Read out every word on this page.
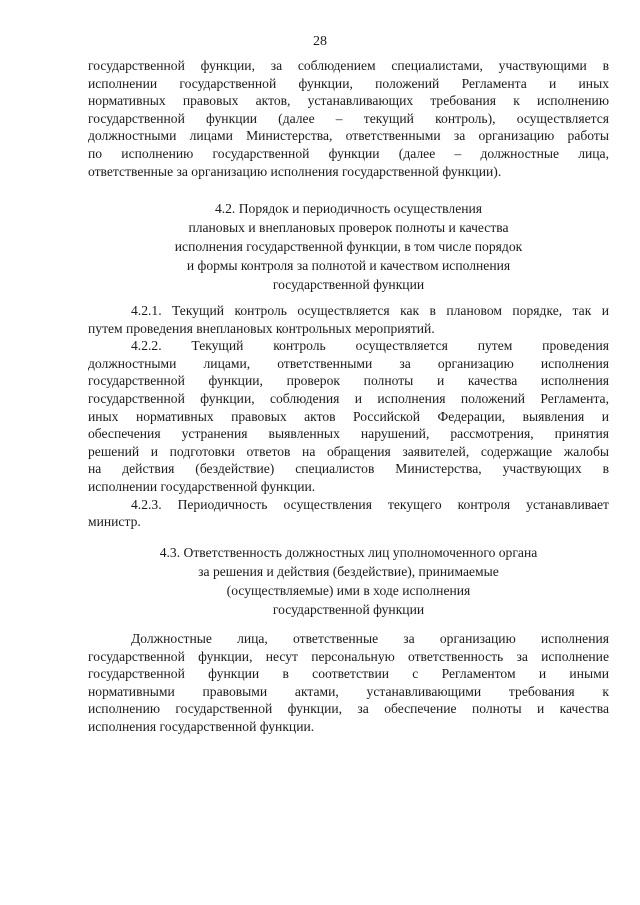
28
государственной функции, за соблюдением специалистами, участвующими в
исполнении государственной функции, положений Регламента и иных
нормативных правовых актов, устанавливающих требования к исполнению
государственной функции (далее – текущий контроль), осуществляется
должностными лицами Министерства, ответственными за организацию работы
по исполнению государственной функции (далее – должностные лица,
ответственные за организацию исполнения государственной функции).
4.2. Порядок и периодичность осуществления
плановых и внеплановых проверок полноты и качества
исполнения государственной функции, в том числе порядок
и формы контроля за полнотой и качеством исполнения
государственной функции
4.2.1. Текущий контроль осуществляется как в плановом порядке, так и
путем проведения внеплановых контрольных мероприятий.
4.2.2. Текущий контроль осуществляется путем проведения
должностными лицами, ответственными за организацию исполнения
государственной функции, проверок полноты и качества исполнения
государственной функции, соблюдения и исполнения положений Регламента,
иных нормативных правовых актов Российской Федерации, выявления и
обеспечения устранения выявленных нарушений, рассмотрения, принятия
решений и подготовки ответов на обращения заявителей, содержащие жалобы
на действия (бездействие) специалистов Министерства, участвующих в
исполнении государственной функции.
4.2.3. Периодичность осуществления текущего контроля устанавливает
министр.
4.3. Ответственность должностных лиц уполномоченного органа
за решения и действия (бездействие), принимаемые
(осуществляемые) ими в ходе исполнения
государственной функции
Должностные лица, ответственные за организацию исполнения
государственной функции, несут персональную ответственность за исполнение
государственной функции в соответствии с Регламентом и иными
нормативными правовыми актами, устанавливающими требования к
исполнению государственной функции, за обеспечение полноты и качества
исполнения государственной функции.
